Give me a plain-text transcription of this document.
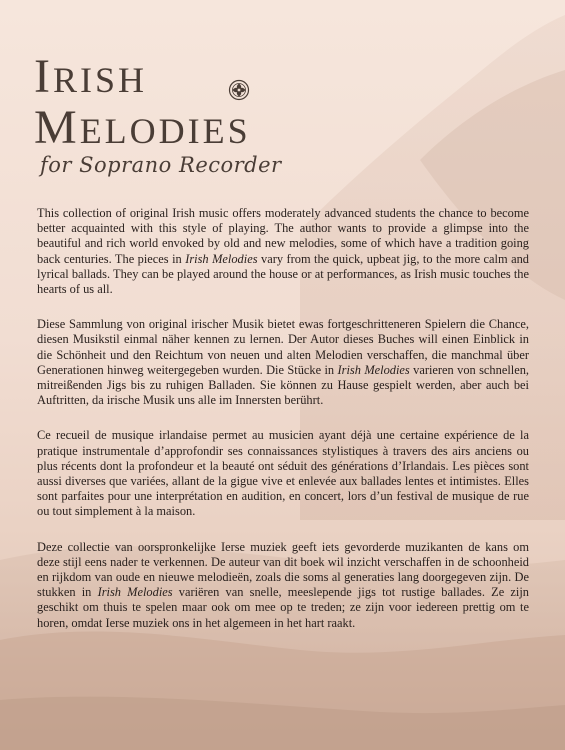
IRISH
MELODIES

for Soprano Recorder

This collection of original Irish music offers moderately advanced students the chance to become better acquainted with this style of playing. The author wants to provide a glimpse into the beautiful and rich world envoked by old and new melodies, some of which have a tradition going back centuries. The pieces in Irish Melodies vary from the quick, upbeat jig, to the more calm and lyrical ballads. They can be played around the house or at performances, as Irish music touches the hearts of us all.

Diese Sammlung von original irischer Musik bietet ewas fortgeschritteneren Spielern die Chance, diesen Musikstil einmal näher kennen zu lernen. Der Autor dieses Buches will einen Einblick in die Schönheit und den Reichtum von neuen und alten Melodien verschaffen, die manchmal über Generationen hinweg weitergegeben wurden. Die Stücke in Irish Melodies varieren von schnellen, mitreißenden Jigs bis zu ruhigen Balladen. Sie können zu Hause gespielt werden, aber auch bei Auftritten, da irische Musik uns alle im Innersten berührt.

Ce recueil de musique irlandaise permet au musicien ayant déjà une certaine expérience de la pratique instrumentale d’approfondir ses connaissances stylistiques à travers des airs anciens ou plus récents dont la profondeur et la beauté ont séduit des générations d’Irlandais. Les pièces sont aussi diverses que variées, allant de la gigue vive et enlevée aux ballades lentes et intimistes. Elles sont parfaites pour une interprétation en audition, en concert, lors d’un festival de musique de rue ou tout simplement à la maison.

Deze collectie van oorspronkelijke Ierse muziek geeft iets gevorderde muzikanten de kans om deze stijl eens nader te verkennen. De auteur van dit boek wil inzicht verschaffen in de schoonheid en rijkdom van oude en nieuwe melodieën, zoals die soms al generaties lang doorgegeven zijn. De stukken in Irish Melodies variëren van snelle, meeslepende jigs tot rustige ballades. Ze zijn geschikt om thuis te spelen maar ook om mee op te treden; ze zijn voor iedereen prettig om te horen, omdat Ierse muziek ons in het algemeen in het hart raakt.
